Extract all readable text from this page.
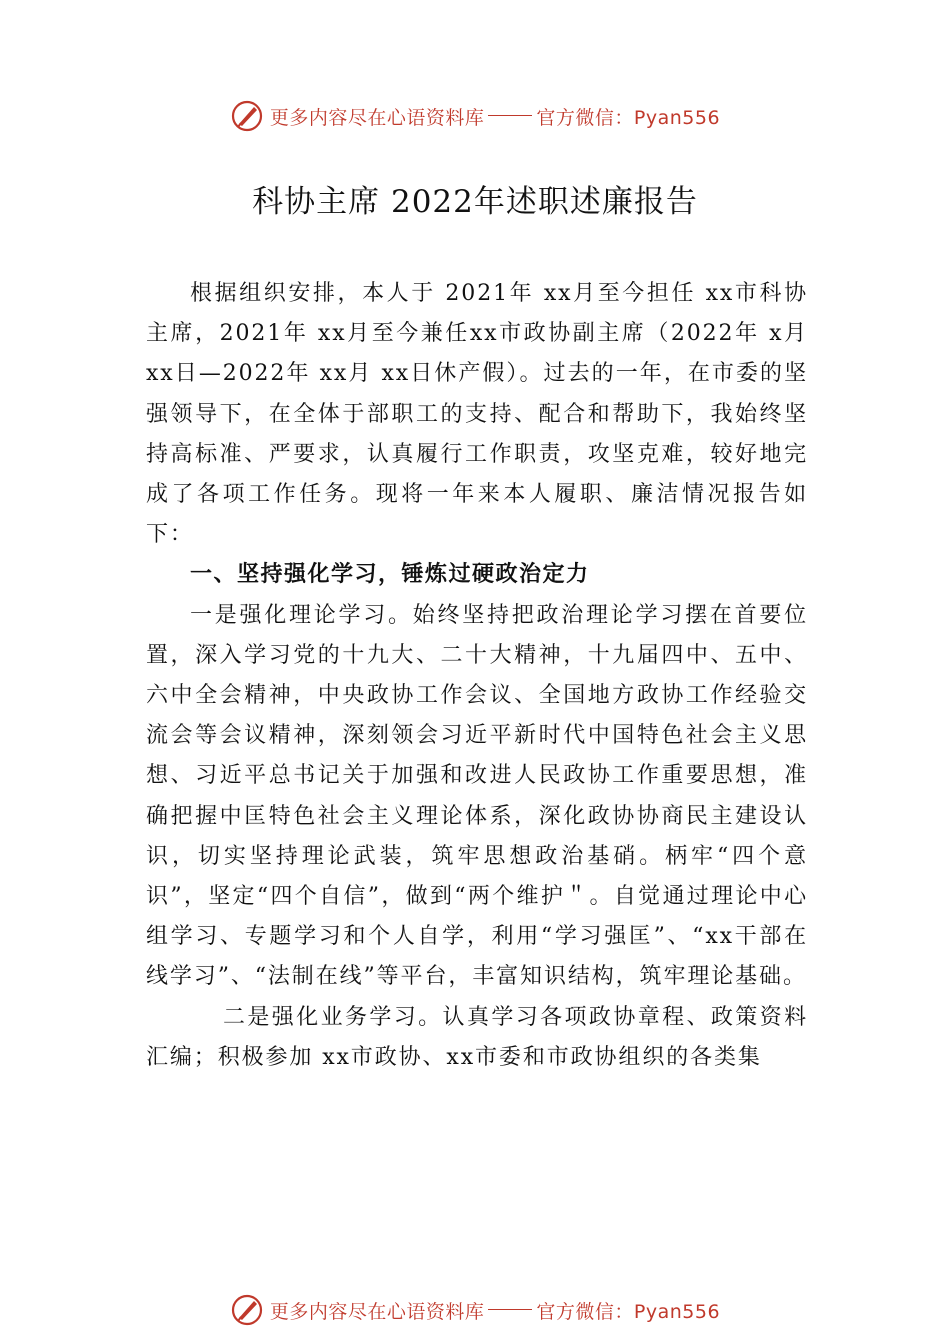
更多内容尽在心语资料库	官方微信：Pyan556
科协主席 2022年述职述廉报告

根据组织安排，本人于 2021年 xx月至今担任 xx市科协主席，2021年 xx月至今兼任xx市政协副主席（2022年 x月 xx日—2022年 xx月 xx日休产假）。过去的一年，在市委的坚强领导下，在全体于部职工的支持、配合和帮助下，我始终坚持高标准、严要求，认真履行工作职责，攻坚克难，较好地完成了各项工作任务。现将一年来本人履职、廉洁情况报告如下：

一、坚持强化学习，锤炼过硬政治定力

一是强化理论学习。始终坚持把政治理论学习摆在首要位置，深入学习党的十九大、二十大精神，十九届四中、五中、六中全会精神，中央政协工作会议、全国地方政协工作经验交流会等会议精神，深刻领会习近平新时代中国特色社会主义思想、习近平总书记关于加强和改进人民政协工作重要思想，准确把握中匡特色社会主义理论体系，深化政协协商民主建设认识，切实坚持理论武装，筑牢思想政治基硝。柄牢“四个意识”，坚定“四个自信”，做到“两个维护＂。自觉通过理论中心组学习、专题学习和个人自学，利用“学习强匡”、“xx干部在线学习”、“法制在线”等平台，丰富知识结构，筑牢理论基础。

二是强化业务学习。认真学习各项政协章程、政策资料汇编；积极参加 xx市政协、xx市委和市政协组织的各类集

更多内容尽在心语资料库	官方微信：Pyan556
